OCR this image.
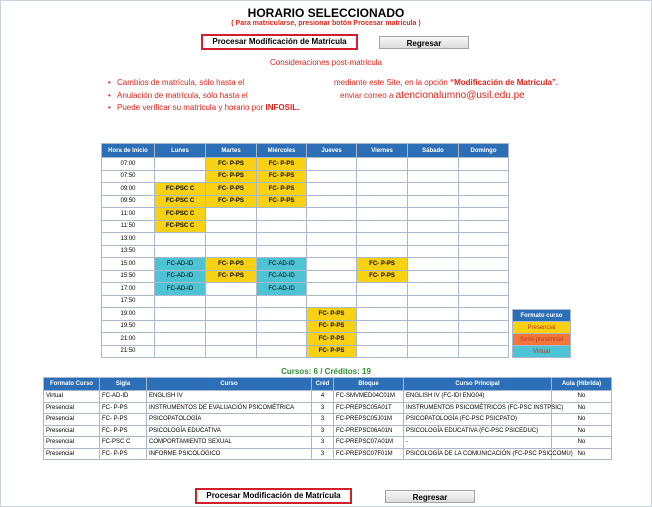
HORARIO SELECCIONADO
( Para matricularse, presionar botón Procesar matricula )
Procesar Modificación de Matrícula	Regresar
Consideraciones post-matricula
• Cambios de matrícula, sólo hasta el	mediante este Site, en la opción “Modificación de Matrícula”.
• Anulación de matrícula, sólo hasta el	enviar correo a atencionalumno@usil.edu.pe
• Puede verificar su matrícula y horario por INFOSIL.
Hora de Inicio	Lunes	Martes	Miércoles	Jueves	Viernes	Sábado	Domingo
07:00		FC- P-PS	FC- P-PS				
07:50		FC- P-PS	FC- P-PS				
09:00	FC-PSC C	FC- P-PS	FC- P-PS				
09:50	FC-PSC C	FC- P-PS	FC- P-PS				
11:00	FC-PSC C						
11:50	FC-PSC C						
13:00							
13:50							
15:00	FC-AD-ID	FC- P-PS	FC-AD-ID		FC- P-PS		
15:50	FC-AD-ID	FC- P-PS	FC-AD-ID		FC- P-PS		
17:00	FC-AD-ID		FC-AD-ID				
17:50							
19:00				FC- P-PS			
19:50				FC- P-PS			
21:00				FC- P-PS			
21:50				FC- P-PS			
Formato curso
Presencial
Semi-presencial
Virtual
Cursos: 6 / Créditos: 19
Formato Curso	Sigla	Curso	Créd	Bloque	Curso Principal	Aula (Híbrida)
Virtual	FC-AD-ID	ENGLISH IV	4	FC-SMVMED04C01M	ENGLISH IV (FC-IDI ENG04)	No
Presencial	FC- P-PS	INSTRUMENTOS DE EVALUACIÓN PSICOMÉTRICA	3	FC-PREPSC05A01T	INSTRUMENTOS PSICOMÉTRICOS (FC-PSC INSTPSIC)	No
Presencial	FC- P-PS	PSICOPATOLOGÍA	3	FC-PREPSC05J01M	PSICOPATOLOGÍA (FC-PSC PSICPATO)	No
Presencial	FC- P-PS	PSICOLOGÍA EDUCATIVA	3	FC-PREPSC06A01N	PSICOLOGÍA EDUCATIVA (FC-PSC PSICEDUC)	No
Presencial	FC-PSC C	COMPORTAMIENTO SEXUAL	3	FC-PREPSC07A01M	-	No
Presencial	FC- P-PS	INFORME PSICOLÓGICO	3	FC-PREPSC07F01M	PSICOLOGÍA DE LA COMUNICACIÓN (FC-PSC PSICCOMU)	No
Procesar Modificación de Matrícula	Regresar
